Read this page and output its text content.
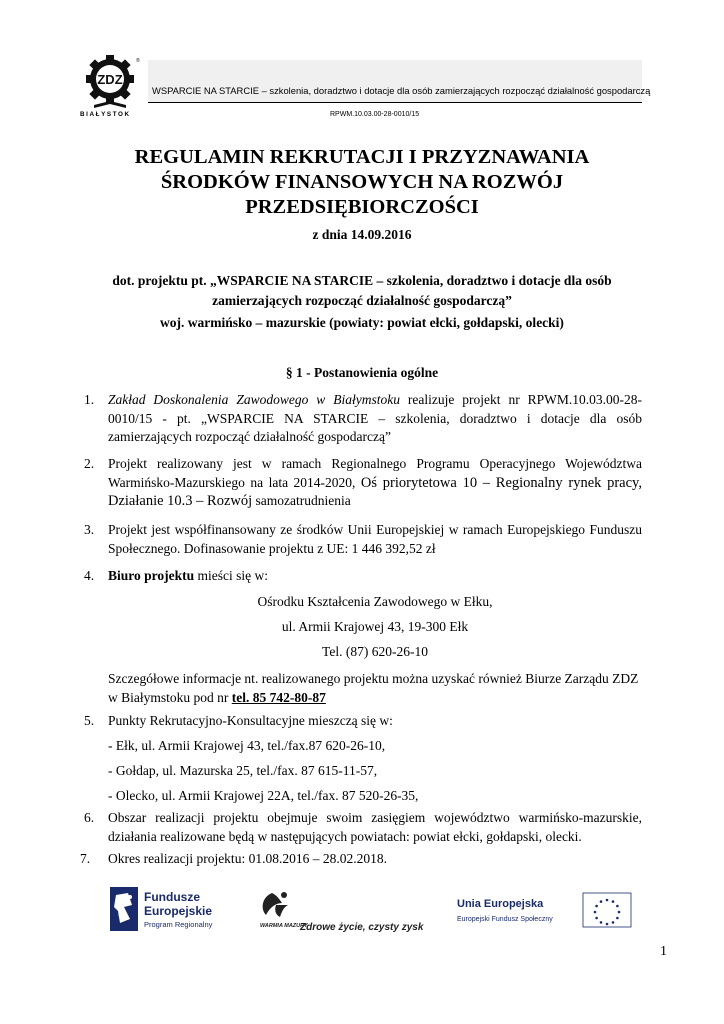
ZDZ
®
BIAŁYSTOK
WSPARCIE NA STARCIE – szkolenia, doradztwo i dotacje dla osób zamierzających rozpocząć działalność gospodarczą
RPWM.10.03.00-28-0010/15
REGULAMIN REKRUTACJI I PRZYZNAWANIA
ŚRODKÓW FINANSOWYCH NA ROZWÓJ
PRZEDSIĘBIORCZOŚCI
z dnia 14.09.2016
dot. projektu pt. „WSPARCIE NA STARCIE – szkolenia, doradztwo i dotacje dla osób
zamierzających rozpocząć działalność gospodarczą”
woj. warmińsko – mazurskie (powiaty: powiat ełcki, gołdapski, olecki)
§ 1 - Postanowienia ogólne
1. Zakład Doskonalenia Zawodowego w Białymstoku realizuje projekt nr RPWM.10.03.00-28-0010/15 - pt. „WSPARCIE NA STARCIE – szkolenia, doradztwo i dotacje dla osób zamierzających rozpocząć działalność gospodarczą”
2. Projekt realizowany jest w ramach Regionalnego Programu Operacyjnego Województwa Warmińsko-Mazurskiego na lata 2014-2020, Oś priorytetowa 10 – Regionalny rynek pracy, Działanie 10.3 – Rozwój samozatrudnienia
3. Projekt jest współfinansowany ze środków Unii Europejskiej w ramach Europejskiego Funduszu Społecznego. Dofinasowanie projektu z UE: 1 446 392,52 zł
4. Biuro projektu mieści się w:
Ośrodku Kształcenia Zawodowego w Ełku,
ul. Armii Krajowej 43, 19-300 Ełk
Tel. (87) 620-26-10
Szczegółowe informacje nt. realizowanego projektu można uzyskać również Biurze Zarządu ZDZ w Białymstoku pod nr tel. 85 742-80-87
5. Punkty Rekrutacyjno-Konsultacyjne mieszczą się w:
- Ełk, ul. Armii Krajowej 43, tel./fax.87 620-26-10,
- Gołdap, ul. Mazurska 25, tel./fax. 87 615-11-57,
- Olecko, ul. Armii Krajowej 22A, tel./fax. 87 520-26-35,
6. Obszar realizacji projektu obejmuje swoim zasięgiem województwo warmińsko-mazurskie, działania realizowane będą w następujących powiatach: powiat ełcki, gołdapski, olecki.
7. Okres realizacji projektu: 01.08.2016 – 28.02.2018.
Fundusze
Europejskie
Program Regionalny	WARMIA MAZURY
Zdrowe życie, czysty zysk
Unia Europejska
Europejski Fundusz Społeczny
1
